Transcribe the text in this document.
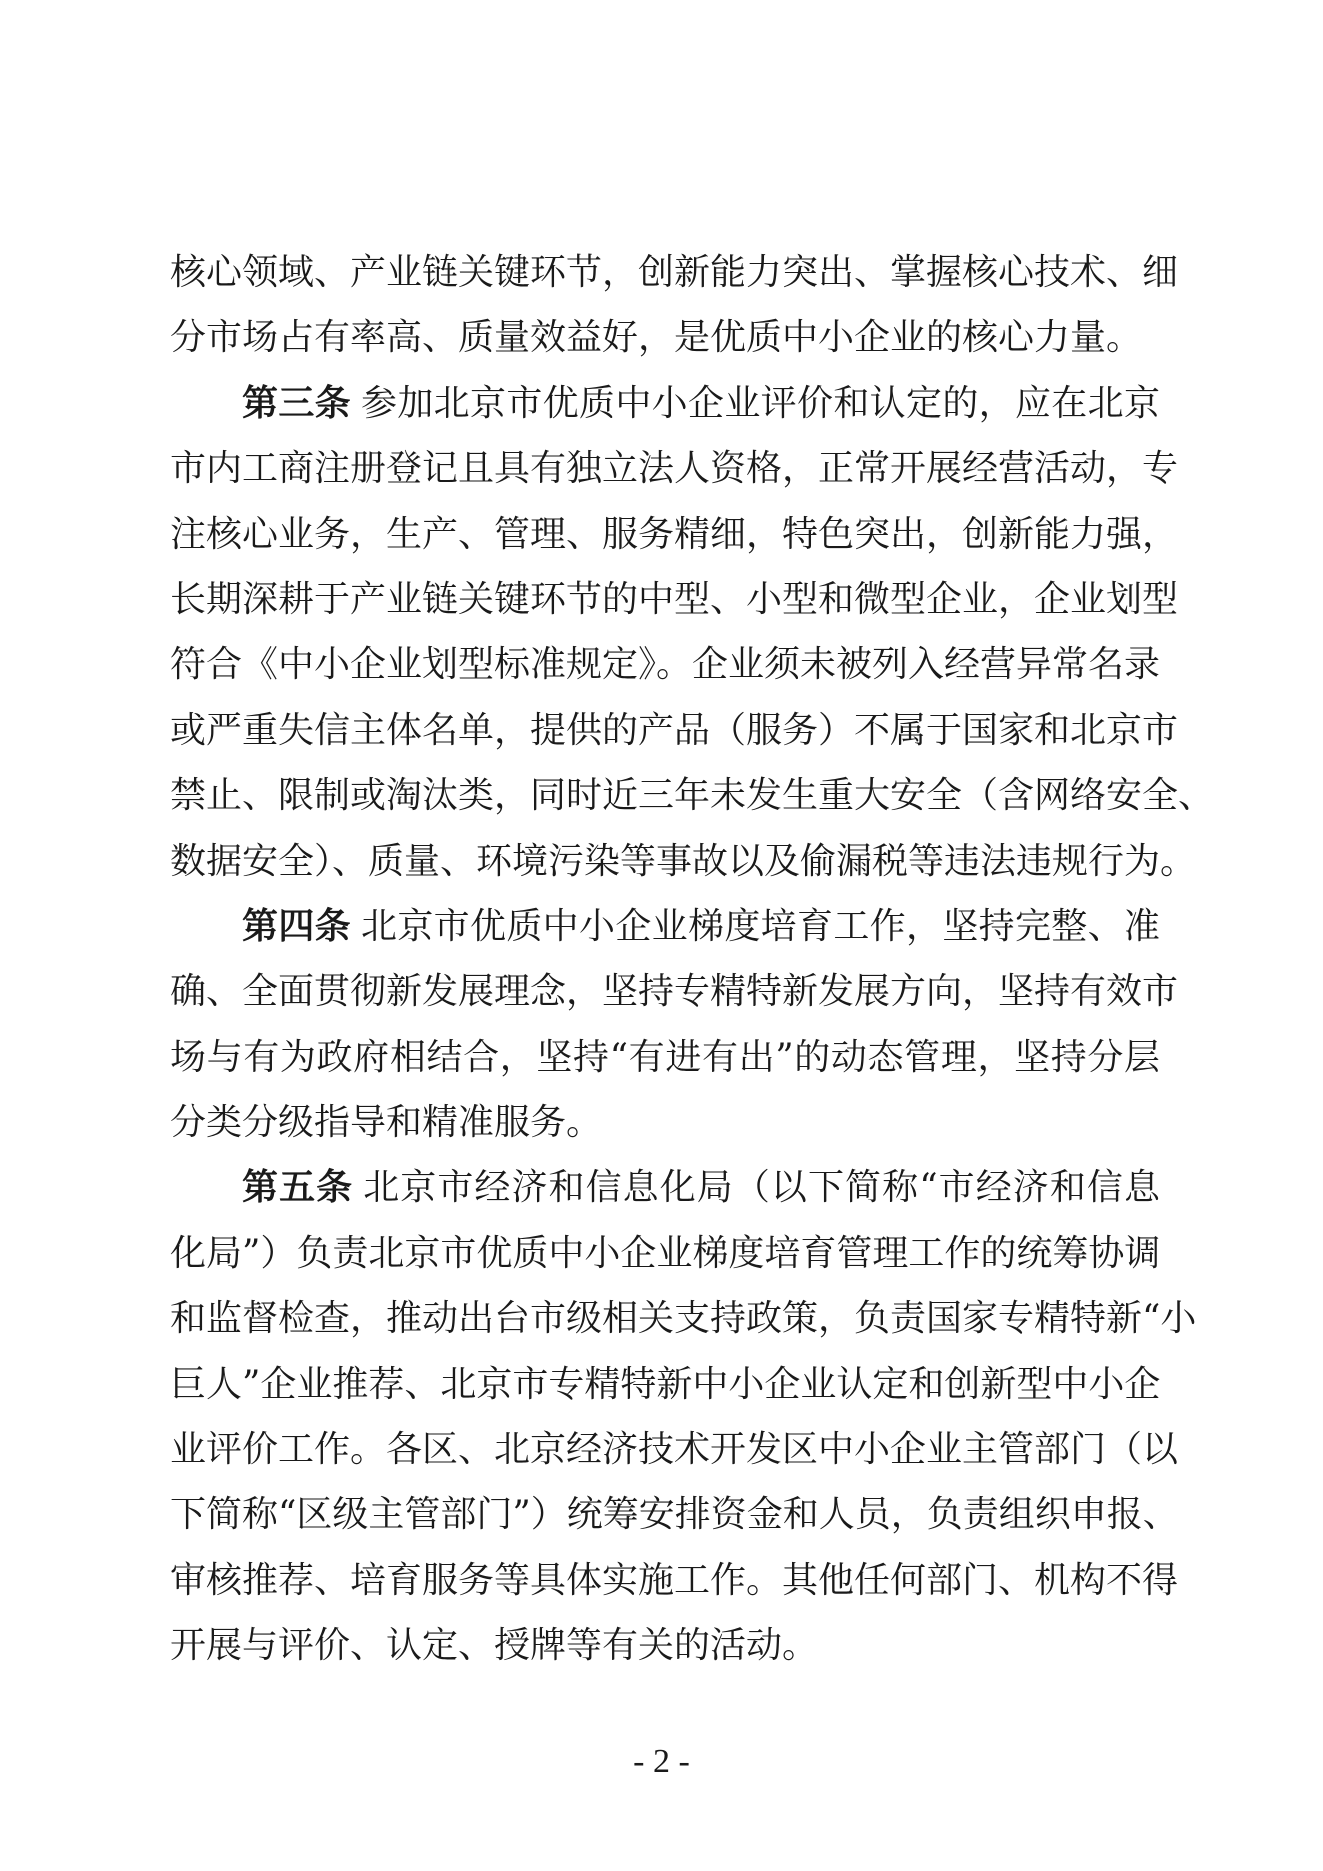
核心领域、产业链关键环节，创新能力突出、掌握核心技术、细
分市场占有率高、质量效益好，是优质中小企业的核心力量。
第三条 参加北京市优质中小企业评价和认定的，应在北京
市内工商注册登记且具有独立法人资格，正常开展经营活动，专
注核心业务，生产、管理、服务精细，特色突出，创新能力强，
长期深耕于产业链关键环节的中型、小型和微型企业，企业划型
符合《中小企业划型标准规定》。企业须未被列入经营异常名录
或严重失信主体名单，提供的产品（服务）不属于国家和北京市
禁止、限制或淘汰类，同时近三年未发生重大安全（含网络安全、
数据安全）、质量、环境污染等事故以及偷漏税等违法违规行为。
第四条 北京市优质中小企业梯度培育工作，坚持完整、准
确、全面贯彻新发展理念，坚持专精特新发展方向，坚持有效市
场与有为政府相结合，坚持“有进有出”的动态管理，坚持分层
分类分级指导和精准服务。
第五条 北京市经济和信息化局（以下简称“市经济和信息
化局”）负责北京市优质中小企业梯度培育管理工作的统筹协调
和监督检查，推动出台市级相关支持政策，负责国家专精特新“小
巨人”企业推荐、北京市专精特新中小企业认定和创新型中小企
业评价工作。各区、北京经济技术开发区中小企业主管部门（以
下简称“区级主管部门”）统筹安排资金和人员，负责组织申报、
审核推荐、培育服务等具体实施工作。其他任何部门、机构不得
开展与评价、认定、授牌等有关的活动。
- 2 -
